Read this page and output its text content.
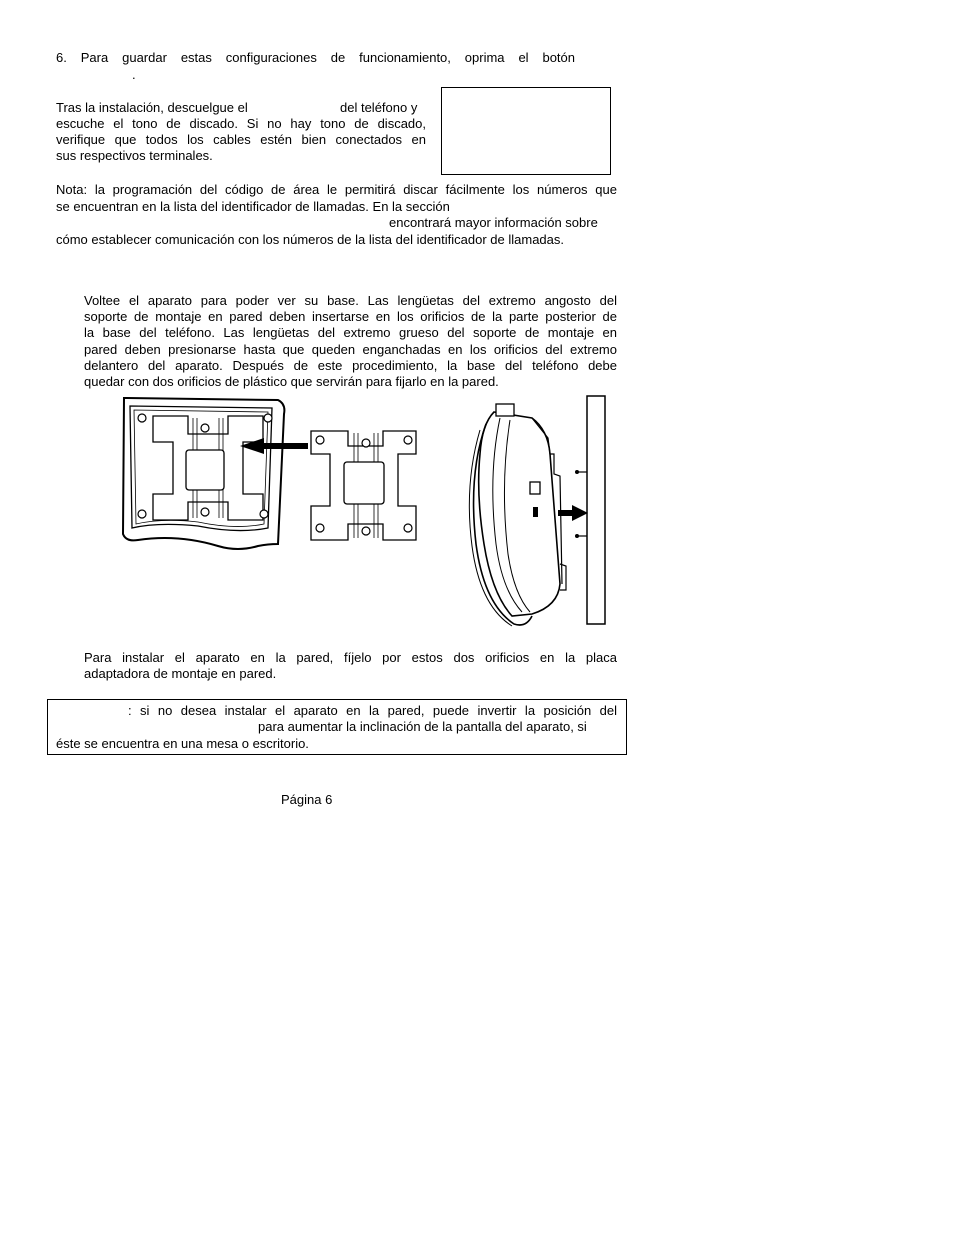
6. Para guardar estas configuraciones de funcionamiento, oprima el botón
.
Tras la instalación, descuelgue el	del teléfono y
escuche el tono de discado. Si no hay tono de discado,
verifique que todos los cables estén bien conectados en
sus respectivos terminales.
Nota: la programación del código de área le permitirá discar fácilmente los números que
se encuentran en la lista del identificador de llamadas. En la sección
encontrará mayor información sobre
cómo establecer comunicación con los números de la lista del identificador de llamadas.
Voltee el aparato para poder ver su base. Las lengüetas del extremo angosto del
soporte de montaje en pared deben insertarse en los orificios de la parte posterior de
la base del teléfono. Las lengüetas del extremo grueso del soporte de montaje en
pared deben presionarse hasta que queden enganchadas en los orificios del extremo
delantero del aparato. Después de este procedimiento, la base del teléfono debe
quedar con dos orificios de plástico que servirán para fijarlo en la pared.
Para instalar el aparato en la pared, fíjelo por estos dos orificios en la placa
adaptadora de montaje en pared.
: si no desea instalar el aparato en la pared, puede invertir la posición del
para aumentar la inclinación de la pantalla del aparato, si
éste se encuentra en una mesa o escritorio.
Página 6
